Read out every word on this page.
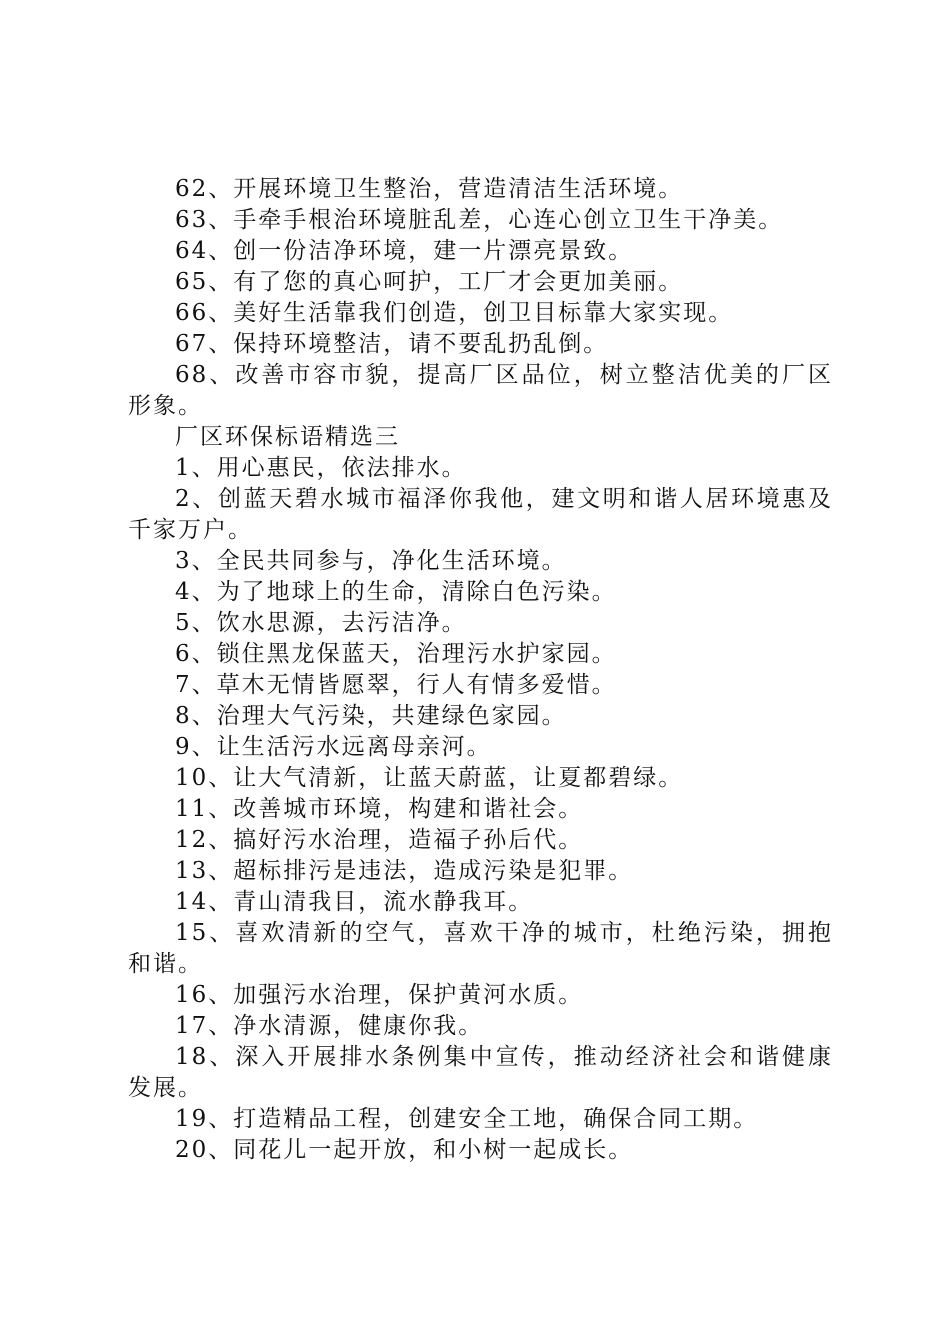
62、开展环境卫生整治，营造清洁生活环境。

63、手牵手根治环境脏乱差，心连心创立卫生干净美。

64、创一份洁净环境，建一片漂亮景致。

65、有了您的真心呵护，工厂才会更加美丽。

66、美好生活靠我们创造，创卫目标靠大家实现。

67、保持环境整洁，请不要乱扔乱倒。

68、改善市容市貌，提高厂区品位，树立整洁优美的厂区形象。

厂区环保标语精选三

1、用心惠民，依法排水。

2、创蓝天碧水城市福泽你我他，建文明和谐人居环境惠及千家万户。

3、全民共同参与，净化生活环境。

4、为了地球上的生命，清除白色污染。

5、饮水思源，去污洁净。

6、锁住黑龙保蓝天，治理污水护家园。

7、草木无情皆愿翠，行人有情多爱惜。

8、治理大气污染，共建绿色家园。

9、让生活污水远离母亲河。

10、让大气清新，让蓝天蔚蓝，让夏都碧绿。

11、改善城市环境，构建和谐社会。

12、搞好污水治理，造福子孙后代。

13、超标排污是违法，造成污染是犯罪。

14、青山清我目，流水静我耳。

15、喜欢清新的空气，喜欢干净的城市，杜绝污染，拥抱和谐。

16、加强污水治理，保护黄河水质。

17、净水清源，健康你我。

18、深入开展排水条例集中宣传，推动经济社会和谐健康发展。

19、打造精品工程，创建安全工地，确保合同工期。

20、同花儿一起开放，和小树一起成长。
